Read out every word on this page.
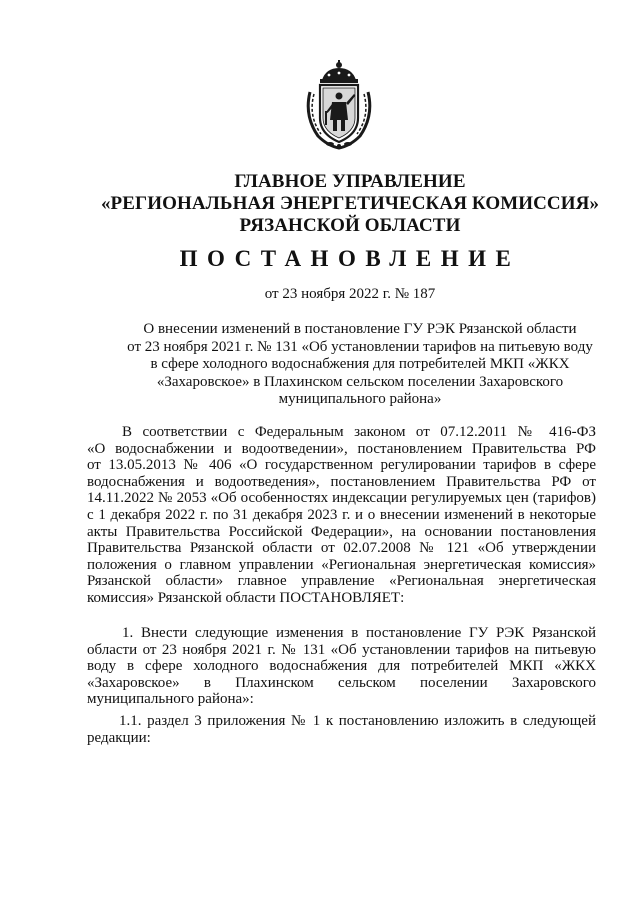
ГЛАВНОЕ УПРАВЛЕНИЕ
«РЕГИОНАЛЬНАЯ ЭНЕРГЕТИЧЕСКАЯ КОМИССИЯ»
РЯЗАНСКОЙ ОБЛАСТИ
ПОСТАНОВЛЕНИЕ
от 23 ноября 2022 г. № 187
О внесении изменений в постановление ГУ РЭК Рязанской области
от 23 ноября 2021 г. № 131 «Об установлении тарифов на питьевую воду
в сфере холодного водоснабжения для потребителей МКП «ЖКХ
«Захаровское» в Плахинском сельском поселении Захаровского
муниципального района»
В соответствии с Федеральным законом от 07.12.2011 № 416-ФЗ
«О водоснабжении и водоотведении», постановлением Правительства РФ
от 13.05.2013 № 406 «О государственном регулировании тарифов в сфере
водоснабжения и водоотведения», постановлением Правительства РФ от
14.11.2022 № 2053 «Об особенностях индексации регулируемых цен (тарифов)
с 1 декабря 2022 г. по 31 декабря 2023 г. и о внесении изменений в некоторые
акты Правительства Российской Федерации», на основании постановления
Правительства Рязанской области от 02.07.2008 № 121 «Об утверждении
положения о главном управлении «Региональная энергетическая комиссия»
Рязанской области» главное управление «Региональная энергетическая
комиссия» Рязанской области ПОСТАНОВЛЯЕТ:
1. Внести следующие изменения в постановление ГУ РЭК Рязанской
области от 23 ноября 2021 г. № 131 «Об установлении тарифов на питьевую
воду в сфере холодного водоснабжения для потребителей МКП «ЖКХ
«Захаровское» в Плахинском сельском поселении Захаровского
муниципального района»:
1.1. раздел 3 приложения № 1 к постановлению изложить в следующей
редакции:
